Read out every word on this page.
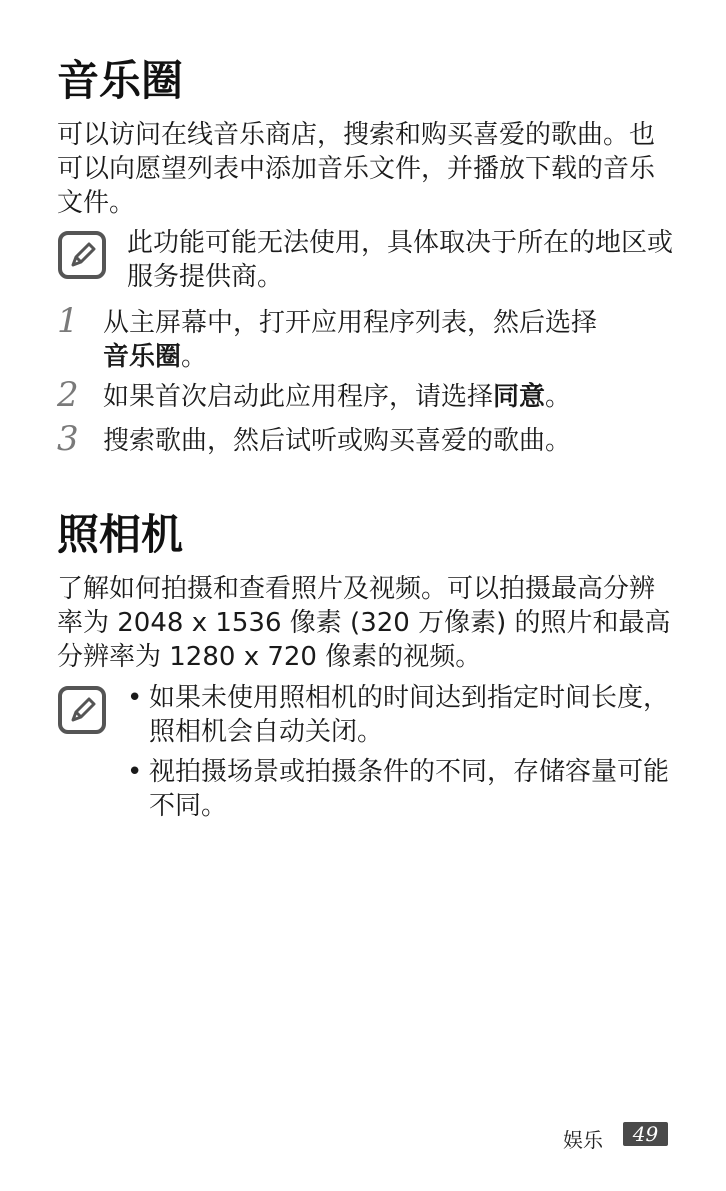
音乐圈

可以访问在线音乐商店，搜索和购买喜爱的歌曲。也可以向愿望列表中添加音乐文件，并播放下载的音乐文件。

此功能可能无法使用，具体取决于所在的地区或服务提供商。

1 从主屏幕中，打开应用程序列表，然后选择
音乐圈。
2 如果首次启动此应用程序，请选择同意。
3 搜索歌曲，然后试听或购买喜爱的歌曲。
照相机

了解如何拍摄和查看照片及视频。可以拍摄最高分辨率为 2048 x 1536 像素 (320 万像素) 的照片和最高分辨率为 1280 x 720 像素的视频。

• 如果未使用照相机的时间达到指定时间长度，照相机会自动关闭。
• 视拍摄场景或拍摄条件的不同，存储容量可能不同。
娱乐	49
